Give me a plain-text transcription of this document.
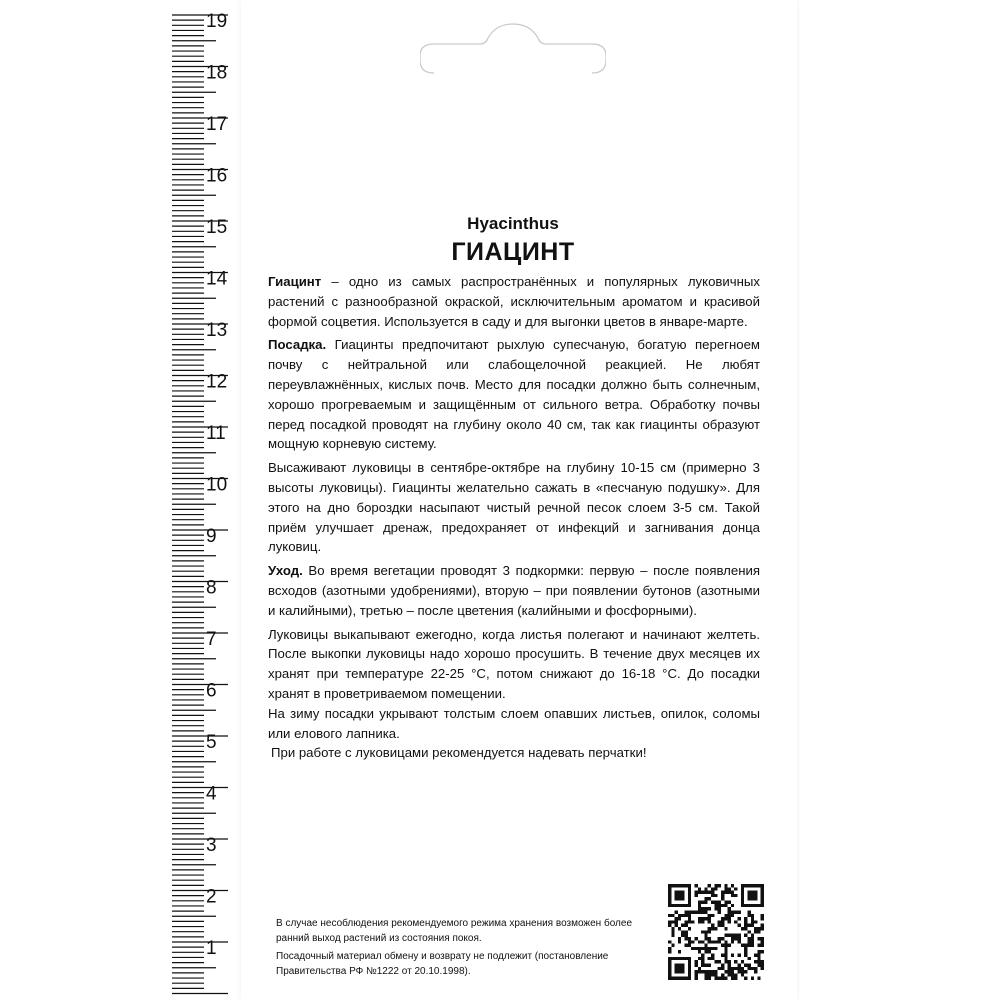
19
18
17
16
15
14
13
12
11
10
9
8
7
6
5
4
3
2
1
Hyacinthus
ГИАЦИНТ

Гиацинт – одно из самых распространённых и популярных луковичных растений с разнообразной окраской, исключительным ароматом и красивой формой соцветия. Используется в саду и для выгонки цветов в январе-марте.

Посадка. Гиацинты предпочитают рыхлую супесчаную, богатую перегноем почву с нейтральной или слабощелочной реакцией. Не любят переувлажнённых, кислых почв. Место для посадки должно быть солнечным, хорошо прогреваемым и защищённым от сильного ветра. Обработку почвы перед посадкой проводят на глубину около 40 см, так как гиацинты образуют мощную корневую систему.

Высаживают луковицы в сентябре-октябре на глубину 10-15 см (примерно 3 высоты луковицы). Гиацинты желательно сажать в «песчаную подушку». Для этого на дно бороздки насыпают чистый речной песок слоем 3-5 см. Такой приём улучшает дренаж, предохраняет от инфекций и загнивания донца луковиц.

Уход. Во время вегетации проводят 3 подкормки: первую – после появления всходов (азотными удобрениями), вторую – при появлении бутонов (азотными и калийными), третью – после цветения (калийными и фосфорными).

Луковицы выкапывают ежегодно, когда листья полегают и начинают желтеть. После выкопки луковицы надо хорошо просушить. В течение двух месяцев их хранят при температуре 22-25 °С, потом снижают до 16-18 °С. До посадки хранят в проветриваемом помещении.

На зиму посадки укрывают толстым слоем опавших листьев, опилок, соломы или елового лапника.

При работе с луковицами рекомендуется надевать перчатки!

В случае несоблюдения рекомендуемого режима хранения возможен более ранний выход растений из состояния покоя.
Посадочный материал обмену и возврату не подлежит (постановление Правительства РФ №1222 от 20.10.1998).
